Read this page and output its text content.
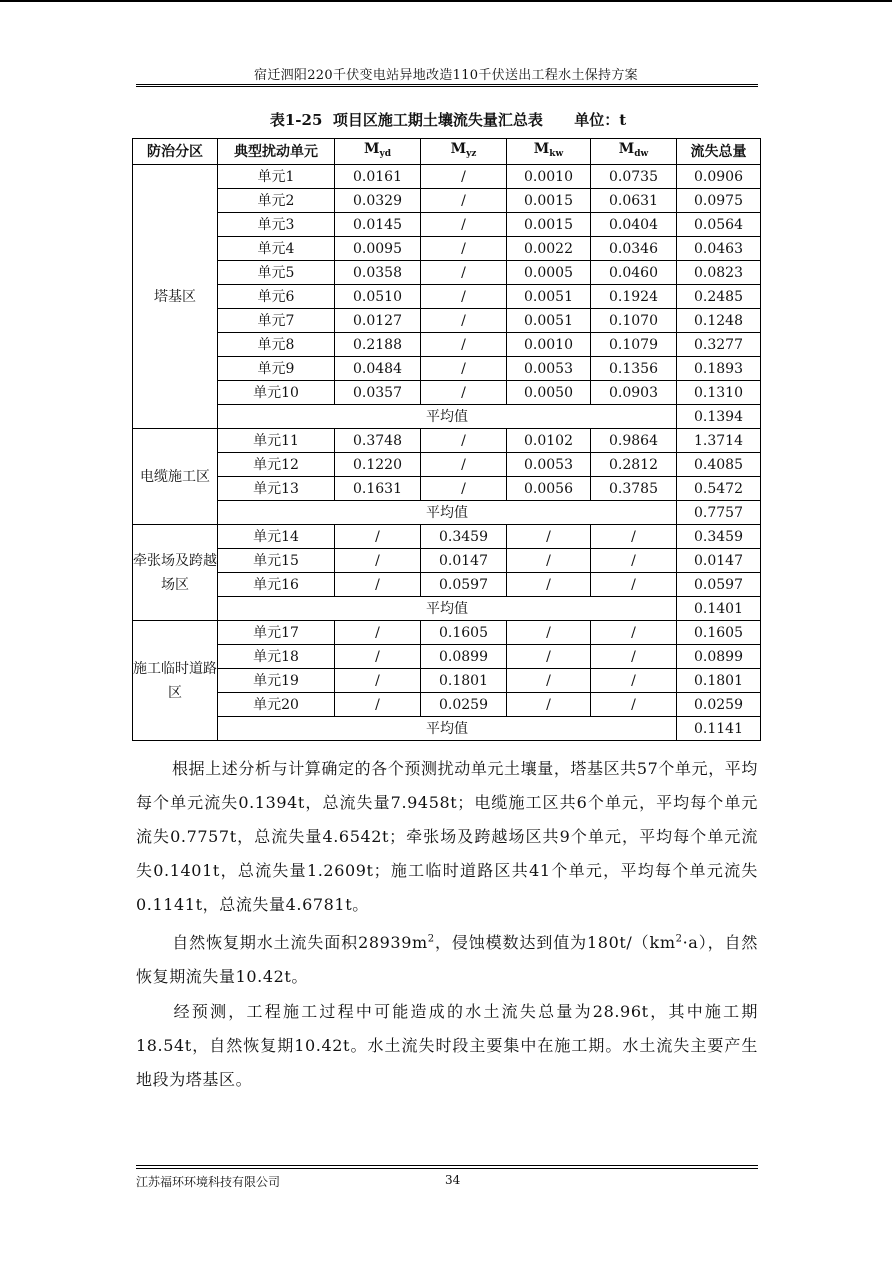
宿迁泗阳220千伏变电站异地改造110千伏送出工程水土保持方案
表1-25  项目区施工期土壤流失量汇总表      单位：t
防治分区	典型扰动单元	$M_{yd}$	$M_{yz}$	$M_{kw}$	$M_{dw}$	流失总量
塔基区	单元1	0.0161	/	0.0010	0.0735	0.0906
	单元2	0.0329	/	0.0015	0.0631	0.0975
	单元3	0.0145	/	0.0015	0.0404	0.0564
	单元4	0.0095	/	0.0022	0.0346	0.0463
	单元5	0.0358	/	0.0005	0.0460	0.0823
	单元6	0.0510	/	0.0051	0.1924	0.2485
	单元7	0.0127	/	0.0051	0.1070	0.1248
	单元8	0.2188	/	0.0010	0.1079	0.3277
	单元9	0.0484	/	0.0053	0.1356	0.1893
	单元10	0.0357	/	0.0050	0.0903	0.1310
	平均值					0.1394
电缆施工区	单元11	0.3748	/	0.0102	0.9864	1.3714
	单元12	0.1220	/	0.0053	0.2812	0.4085
	单元13	0.1631	/	0.0056	0.3785	0.5472
	平均值					0.7757
牵张场及跨越场区	单元14	/	0.3459	/	/	0.3459
	单元15	/	0.0147	/	/	0.0147
	单元16	/	0.0597	/	/	0.0597
	平均值					0.1401
施工临时道路区	单元17	/	0.1605	/	/	0.1605
	单元18	/	0.0899	/	/	0.0899
	单元19	/	0.1801	/	/	0.1801
	单元20	/	0.0259	/	/	0.0259
	平均值					0.1141
根据上述分析与计算确定的各个预测扰动单元土壤量，塔基区共57个单元，平均每个单元流失0.1394t，总流失量7.9458t；电缆施工区共6个单元，平均每个单元流失0.7757t，总流失量4.6542t；牵张场及跨越场区共9个单元，平均每个单元流失0.1401t，总流失量1.2609t；施工临时道路区共41个单元，平均每个单元流失0.1141t，总流失量4.6781t。
自然恢复期水土流失面积$28939m^2$，侵蚀模数达到值为$180t/(km^2\cdot a)$，自然恢复期流失量10.42t。
经预测，工程施工过程中可能造成的水土流失总量为28.96t，其中施工期18.54t，自然恢复期10.42t。水土流失时段主要集中在施工期。水土流失主要产生地段为塔基区。
江苏福环环境科技有限公司	34
